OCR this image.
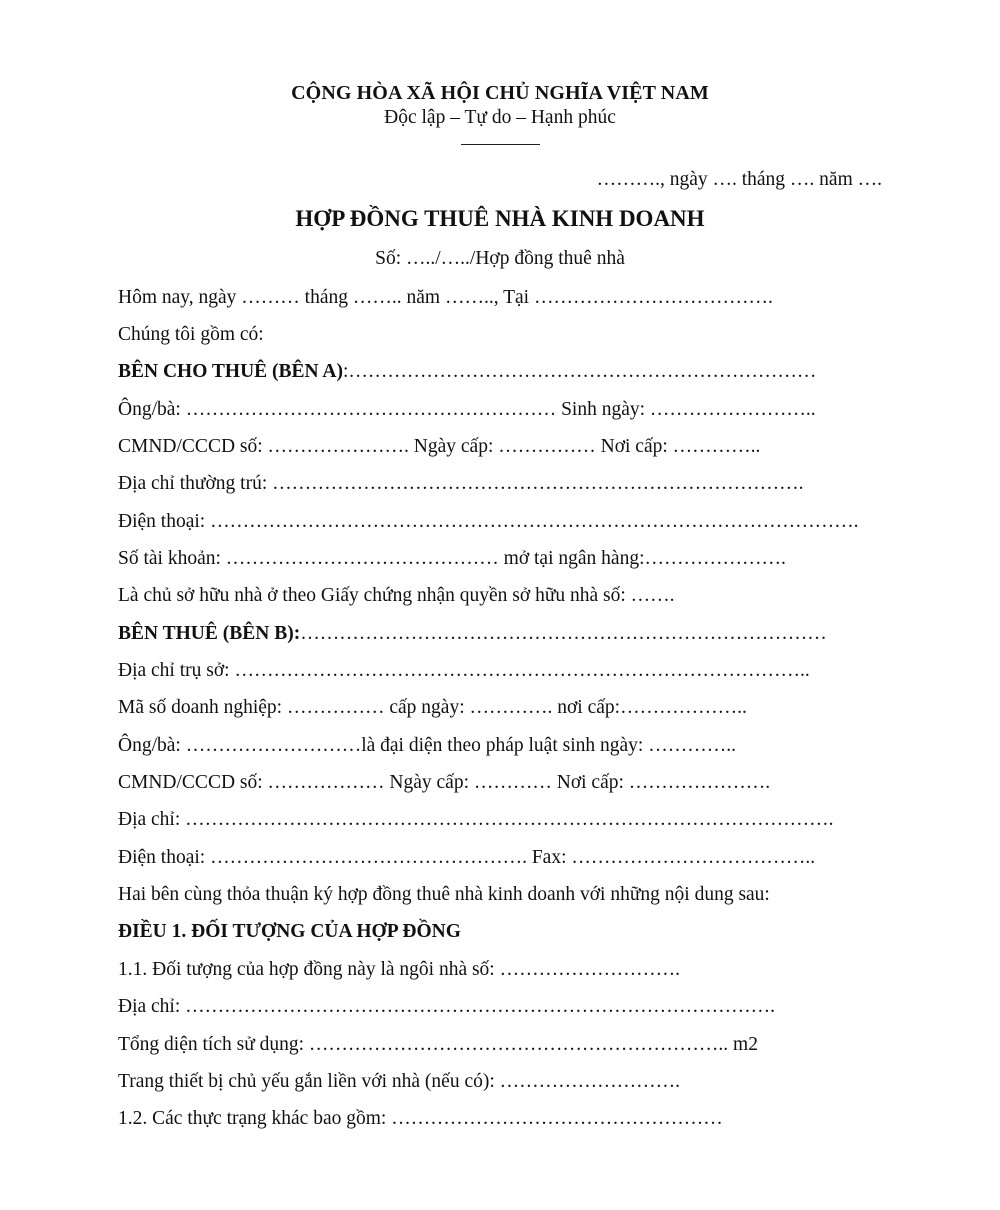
CỘNG HÒA XÃ HỘI CHỦ NGHĨA VIỆT NAM
Độc lập – Tự do – Hạnh phúc
………., ngày …. tháng …. năm ….
HỢP ĐỒNG THUÊ NHÀ KINH DOANH
Số: …../…../Hợp đồng thuê nhà
Hôm nay, ngày ……… tháng …….. năm …….., Tại ……………………………….
Chúng tôi gồm có:
BÊN CHO THUÊ (BÊN A):………………………………………………………………
Ông/bà: ………………………………………………… Sinh ngày: ……………………..
CMND/CCCD số: …………………. Ngày cấp: …………… Nơi cấp: …………..
Địa chỉ thường trú: ……………………………………………………………………….
Điện thoại: ……………………………………………………………………………………….
Số tài khoản: …………………………………… mở tại ngân hàng:………………….
Là chủ sở hữu nhà ở theo Giấy chứng nhận quyền sở hữu nhà số: …….
BÊN THUÊ (BÊN B):………………………………………………………………………
Địa chỉ trụ sở: ……………………………………………………………………………..
Mã số doanh nghiệp: …………… cấp ngày: …………. nơi cấp:………………..
Ông/bà: ………………………là đại diện theo pháp luật sinh ngày: …………..
CMND/CCCD số: ……………… Ngày cấp: ………… Nơi cấp: ………………….
Địa chỉ: ……………………………………………………………………………………….
Điện thoại: …………………………………………. Fax: ………………………………..
Hai bên cùng thỏa thuận ký hợp đồng thuê nhà kinh doanh với những nội dung sau:
ĐIỀU 1. ĐỐI TƯỢNG CỦA HỢP ĐỒNG
1.1. Đối tượng của hợp đồng này là ngôi nhà số: ……………………….
Địa chỉ: ……………………………………………………………………………….
Tổng diện tích sử dụng: ……………………………………………………….. m2
Trang thiết bị chủ yếu gắn liền với nhà (nếu có): ……………………….
1.2. Các thực trạng khác bao gồm: ……………………………………………
